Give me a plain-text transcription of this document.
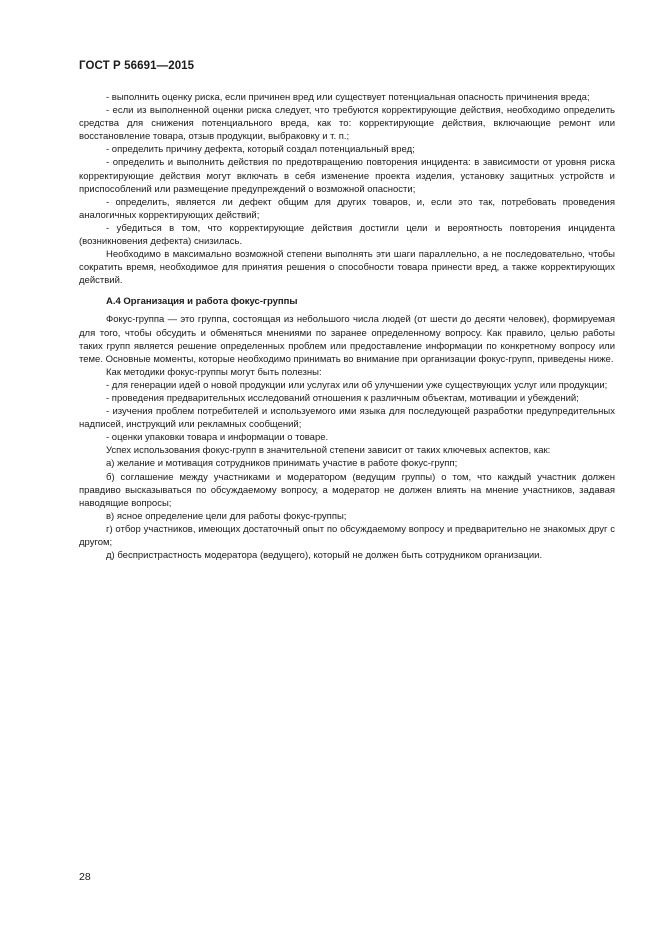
ГОСТ Р 56691—2015

- выполнить оценку риска, если причинен вред или существует потенциальная опасность причинения вреда;

- если из выполненной оценки риска следует, что требуются корректирующие действия, необходимо определить средства для снижения потенциального вреда, как то: корректирующие действия, включающие ремонт или восстановление товара, отзыв продукции, выбраковку и т. п.;

- определить причину дефекта, который создал потенциальный вред;

- определить и выполнить действия по предотвращению повторения инцидента: в зависимости от уровня риска корректирующие действия могут включать в себя изменение проекта изделия, установку защитных устройств и приспособлений или размещение предупреждений о возможной опасности;

- определить, является ли дефект общим для других товаров, и, если это так, потребовать проведения аналогичных корректирующих действий;

- убедиться в том, что корректирующие действия достигли цели и вероятность повторения инцидента (возникновения дефекта) снизилась.

Необходимо в максимально возможной степени выполнять эти шаги параллельно, а не последовательно, чтобы сократить время, необходимое для принятия решения о способности товара принести вред, а также корректирующих действий.

А.4 Организация и работа фокус-группы

Фокус-группа — это группа, состоящая из небольшого числа людей (от шести до десяти человек), формируемая для того, чтобы обсудить и обменяться мнениями по заранее определенному вопросу. Как правило, целью работы таких групп является решение определенных проблем или предоставление информации по конкретному вопросу или теме. Основные моменты, которые необходимо принимать во внимание при организации фокус-групп, приведены ниже.

Как методики фокус-группы могут быть полезны:

- для генерации идей о новой продукции или услугах или об улучшении уже существующих услуг или продукции;

- проведения предварительных исследований отношения к различным объектам, мотивации и убеждений;

- изучения проблем потребителей и используемого ими языка для последующей разработки предупредительных надписей, инструкций или рекламных сообщений;

- оценки упаковки товара и информации о товаре.

Успех использования фокус-групп в значительной степени зависит от таких ключевых аспектов, как:

а) желание и мотивация сотрудников принимать участие в работе фокус-групп;

б) соглашение между участниками и модератором (ведущим группы) о том, что каждый участник должен правдиво высказываться по обсуждаемому вопросу, а модератор не должен влиять на мнение участников, задавая наводящие вопросы;

в) ясное определение цели для работы фокус-группы;

г) отбор участников, имеющих достаточный опыт по обсуждаемому вопросу и предварительно не знакомых друг с другом;

д) беспристрастность модератора (ведущего), который не должен быть сотрудником организации.

28
